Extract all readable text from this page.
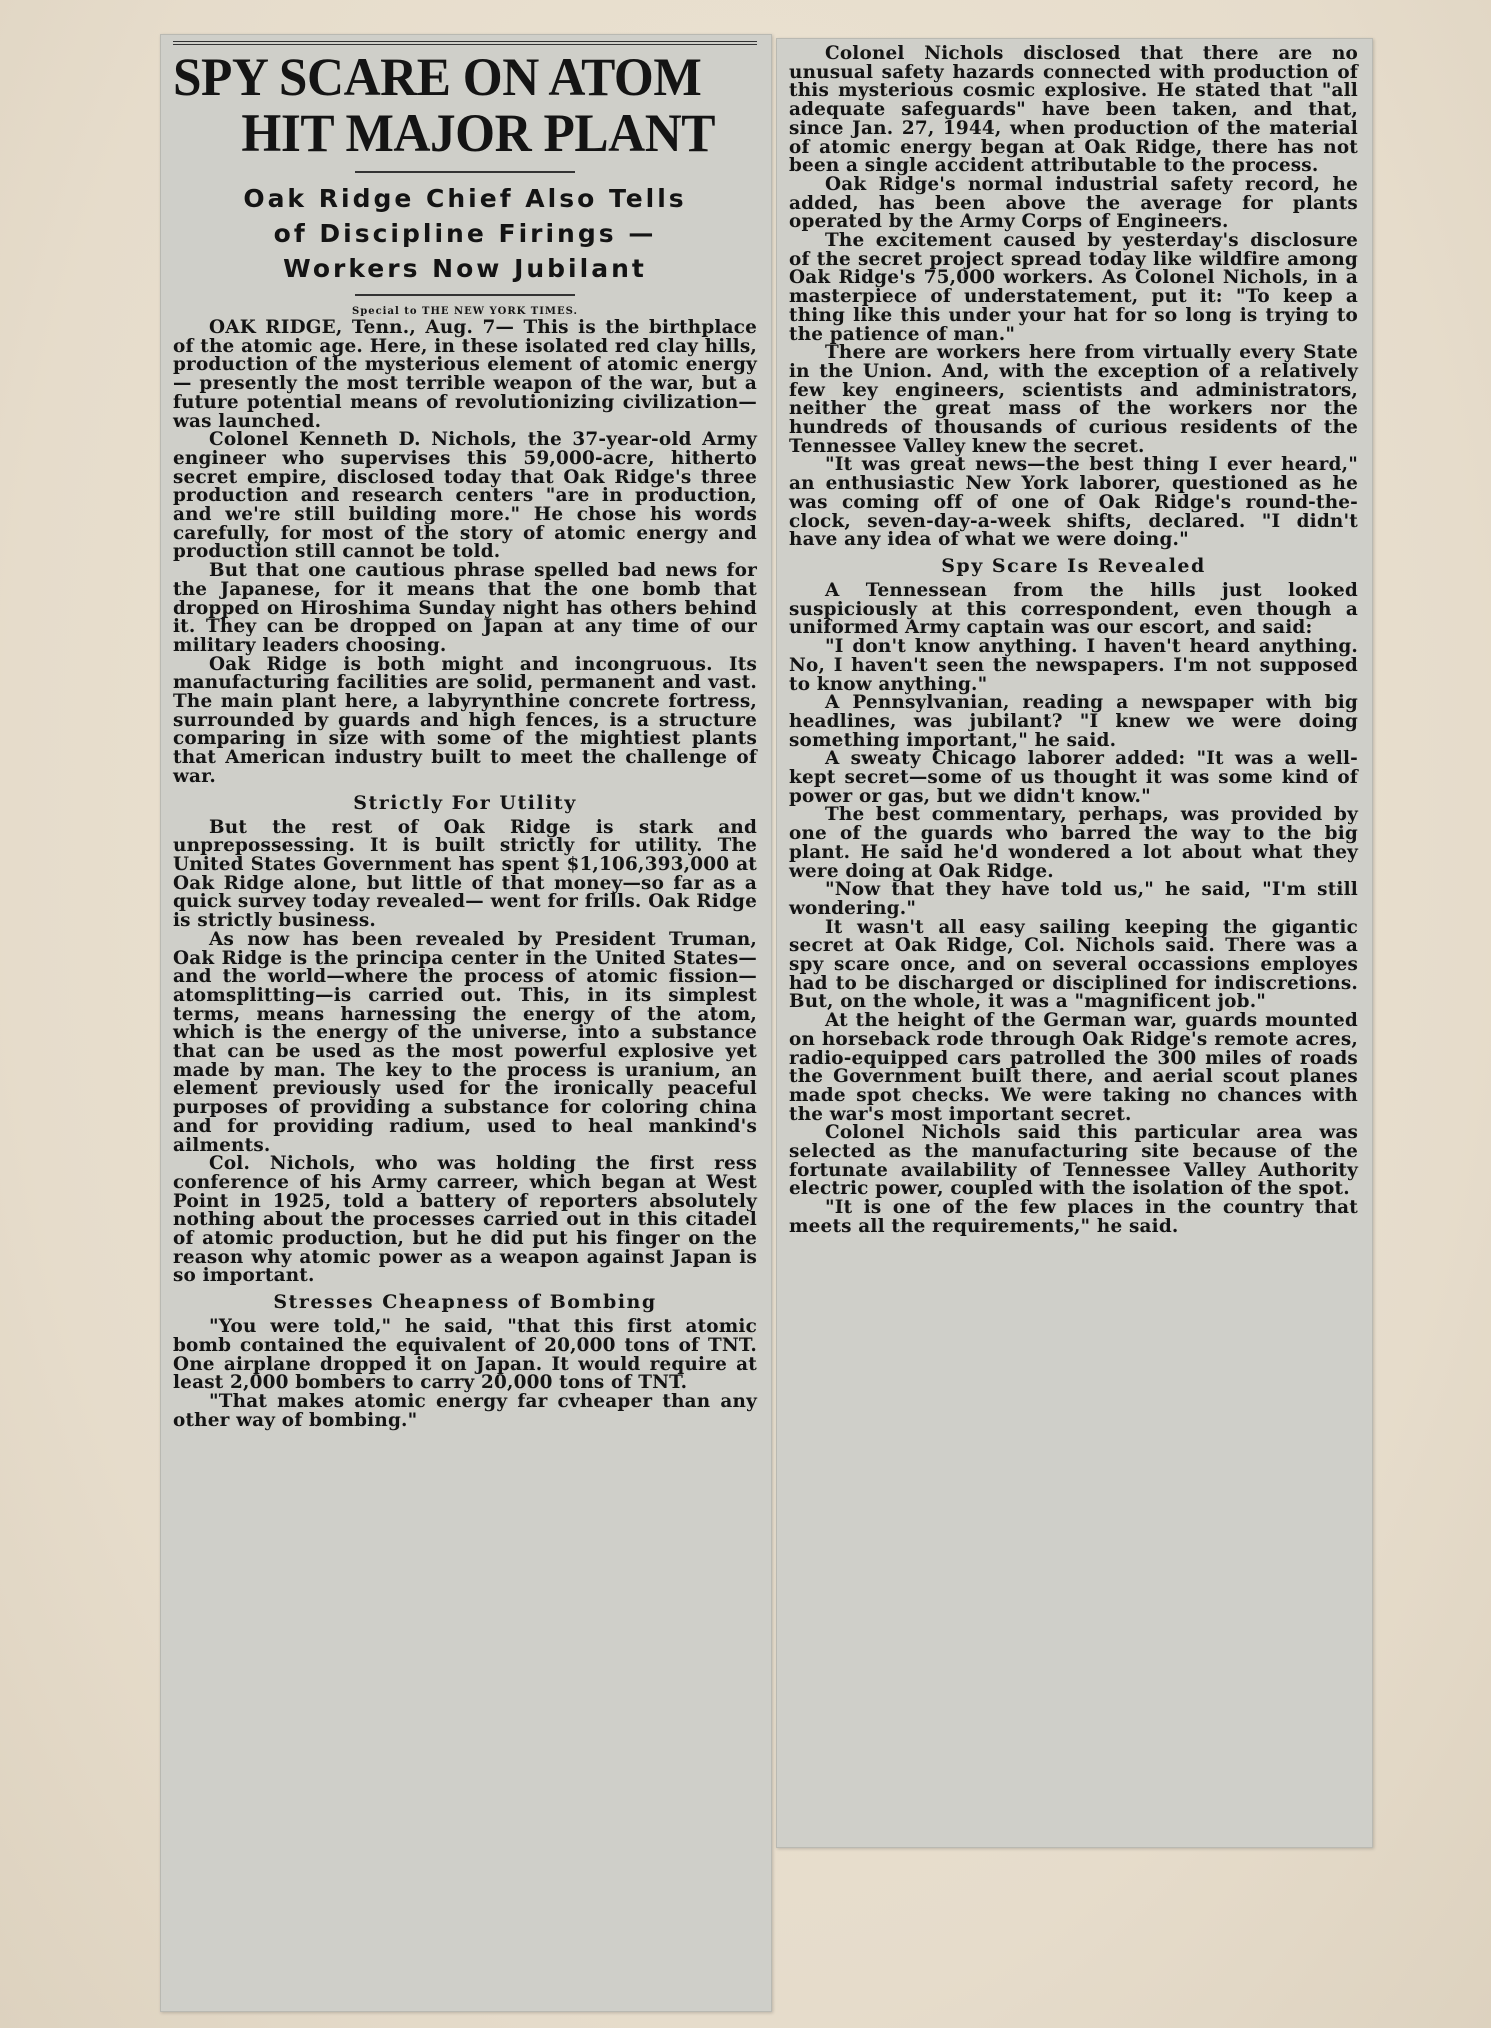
SPY SCARE ON ATOM
HIT MAJOR PLANT
Oak Ridge Chief Also Tells
of Discipline Firings —
Workers Now Jubilant
Special to THE NEW YORK TIMES.

OAK RIDGE, Tenn., Aug. 7— This is the birthplace of the atomic age. Here, in these isolated red clay hills, production of the mysterious element of atomic energy — presently the most terrible weapon of the war, but a future potential means of revolutionizing civilization—was launched.

Colonel Kenneth D. Nichols, the 37-year-old Army engineer who supervises this 59,000-acre, hitherto secret empire, disclosed today that Oak Ridge's three production and research centers "are in production, and we're still building more." He chose his words carefully, for most of the story of atomic energy and production still cannot be told.

But that one cautious phrase spelled bad news for the Japanese, for it means that the one bomb that dropped on Hiroshima Sunday night has others behind it. They can be dropped on Japan at any time of our military leaders choosing.

Oak Ridge is both might and incongruous. Its manufacturing facilities are solid, permanent and vast. The main plant here, a labyrynthine concrete fortress, surrounded by guards and high fences, is a structure comparing in size with some of the mightiest plants that American industry built to meet the challenge of war.

Strictly For Utility

But the rest of Oak Ridge is stark and unprepossessing. It is built strictly for utility. The United States Government has spent $1,106,393,000 at Oak Ridge alone, but little of that money—so far as a quick survey today revealed— went for frills. Oak Ridge is strictly business.

As now has been revealed by President Truman, Oak Ridge is the principa center in the United States—and the world—where the process of atomic fission—atomsplitting—is carried out. This, in its simplest terms, means harnessing the energy of the atom, which is the energy of the universe, into a substance that can be used as the most powerful explosive yet made by man. The key to the process is uranium, an element previously used for the ironically peaceful purposes of providing a substance for coloring china and for providing radium, used to heal mankind's ailments.

Col. Nichols, who was holding the first ress conference of his Army carreer, which began at West Point in 1925, told a battery of reporters absolutely nothing about the processes carried out in this citadel of atomic production, but he did put his finger on the reason why atomic power as a weapon against Japan is so important.

Stresses Cheapness of Bombing

"You were told," he said, "that this first atomic bomb contained the equivalent of 20,000 tons of TNT. One airplane dropped it on Japan. It would require at least 2,000 bombers to carry 20,000 tons of TNT.

"That makes atomic energy far cvheaper than any other way of bombing."

Colonel Nichols disclosed that there are no unusual safety hazards connected with production of this mysterious cosmic explosive. He stated that "all adequate safeguards" have been taken, and that, since Jan. 27, 1944, when production of the material of atomic energy began at Oak Ridge, there has not been a single accident attributable to the process.

Oak Ridge's normal industrial safety record, he added, has been above the average for plants operated by the Army Corps of Engineers.

The excitement caused by yesterday's disclosure of the secret project spread today like wildfire among Oak Ridge's 75,000 workers. As Colonel Nichols, in a masterpiece of understatement, put it: "To keep a thing like this under your hat for so long is trying to the patience of man."

There are workers here from virtually every State in the Union. And, with the exception of a relatively few key engineers, scientists and administrators, neither the great mass of the workers nor the hundreds of thousands of curious residents of the Tennessee Valley knew the secret.

"It was great news—the best thing I ever heard," an enthusiastic New York laborer, questioned as he was coming off of one of Oak Ridge's round-the-clock, seven-day-a-week shifts, declared. "I didn't have any idea of what we were doing."

Spy Scare Is Revealed

A Tennessean from the hills just looked suspiciously at this correspondent, even though a uniformed Army captain was our escort, and said:

"I don't know anything. I haven't heard anything. No, I haven't seen the newspapers. I'm not supposed to know anything."

A Pennsylvanian, reading a newspaper with big headlines, was jubilant? "I knew we were doing something important," he said.

A sweaty Chicago laborer added: "It was a well-kept secret—some of us thought it was some kind of power or gas, but we didn't know."

The best commentary, perhaps, was provided by one of the guards who barred the way to the big plant. He said he'd wondered a lot about what they were doing at Oak Ridge.

"Now that they have told us," he said, "I'm still wondering."

It wasn't all easy sailing keeping the gigantic secret at Oak Ridge, Col. Nichols said. There was a spy scare once, and on several occassions employes had to be discharged or disciplined for indiscretions. But, on the whole, it was a "magnificent job."

At the height of the German war, guards mounted on horseback rode through Oak Ridge's remote acres, radio-equipped cars patrolled the 300 miles of roads the Government built there, and aerial scout planes made spot checks. We were taking no chances with the war's most important secret.

Colonel Nichols said this particular area was selected as the manufacturing site because of the fortunate availability of Tennessee Valley Authority electric power, coupled with the isolation of the spot.

"It is one of the few places in the country that meets all the requirements," he said.
